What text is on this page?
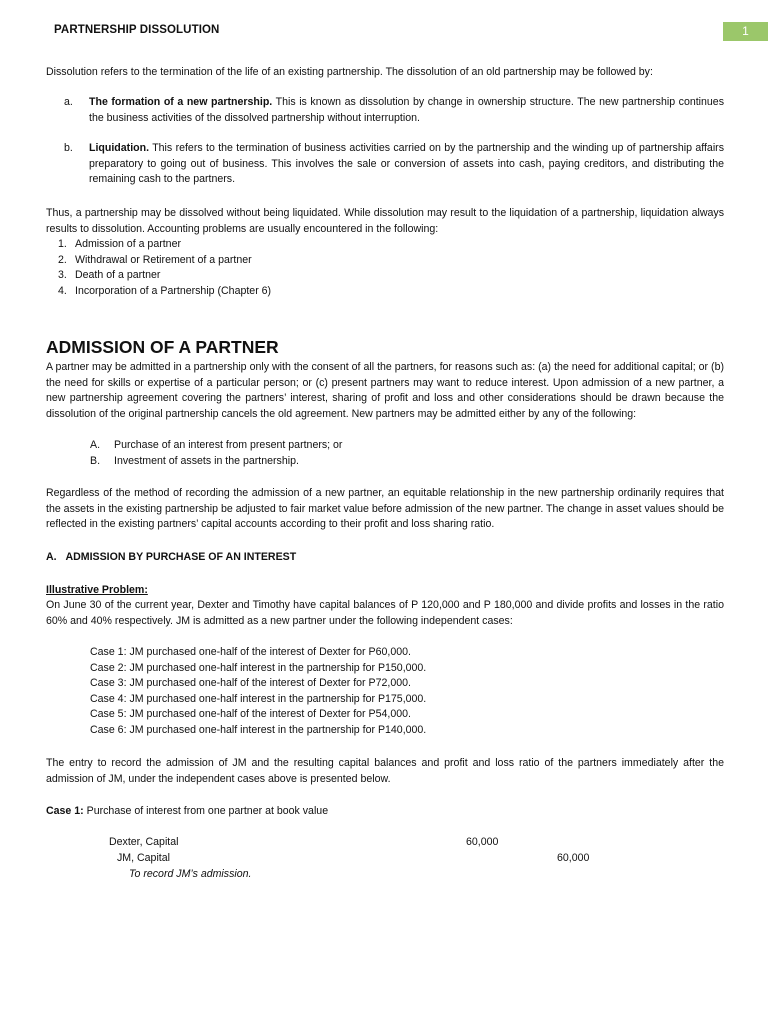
1
PARTNERSHIP DISSOLUTION
Dissolution refers to the termination of the life of an existing partnership. The dissolution of an old partnership may be followed by:
a.	The formation of a new partnership. This is known as dissolution by change in ownership structure. The new partnership continues the business activities of the dissolved partnership without interruption.
b.	Liquidation. This refers to the termination of business activities carried on by the partnership and the winding up of partnership affairs preparatory to going out of business. This involves the sale or conversion of assets into cash, paying creditors, and distributing the remaining cash to the partners.
Thus, a partnership may be dissolved without being liquidated. While dissolution may result to the liquidation of a partnership, liquidation always results to dissolution. Accounting problems are usually encountered in the following:
1. Admission of a partner
2. Withdrawal or Retirement of a partner
3. Death of a partner
4. Incorporation of a Partnership (Chapter 6)
ADMISSION OF A PARTNER
A partner may be admitted in a partnership only with the consent of all the partners, for reasons such as: (a) the need for additional capital; or (b) the need for skills or expertise of a particular person; or (c) present partners may want to reduce interest. Upon admission of a new partner, a new partnership agreement covering the partners’ interest, sharing of profit and loss and other considerations should be drawn because the dissolution of the original partnership cancels the old agreement. New partners may be admitted either by any of the following:
A.	Purchase of an interest from present partners; or
B.	Investment of assets in the partnership.
Regardless of the method of recording the admission of a new partner, an equitable relationship in the new partnership ordinarily requires that the assets in the existing partnership be adjusted to fair market value before admission of the new partner. The change in asset values should be reflected in the existing partners’ capital accounts according to their profit and loss sharing ratio.
A. ADMISSION BY PURCHASE OF AN INTEREST
Illustrative Problem:
On June 30 of the current year, Dexter and Timothy have capital balances of P 120,000 and P 180,000 and divide profits and losses in the ratio 60% and 40% respectively. JM is admitted as a new partner under the following independent cases:
Case 1: JM purchased one-half of the interest of Dexter for P60,000.
Case 2: JM purchased one-half interest in the partnership for P150,000.
Case 3: JM purchased one-half of the interest of Dexter for P72,000.
Case 4: JM purchased one-half interest in the partnership for P175,000.
Case 5: JM purchased one-half of the interest of Dexter for P54,000.
Case 6: JM purchased one-half interest in the partnership for P140,000.
The entry to record the admission of JM and the resulting capital balances and profit and loss ratio of the partners immediately after the admission of JM, under the independent cases above is presented below.
Case 1: Purchase of interest from one partner at book value
Dexter, Capital	60,000
JM, Capital	60,000
To record JM’s admission.
